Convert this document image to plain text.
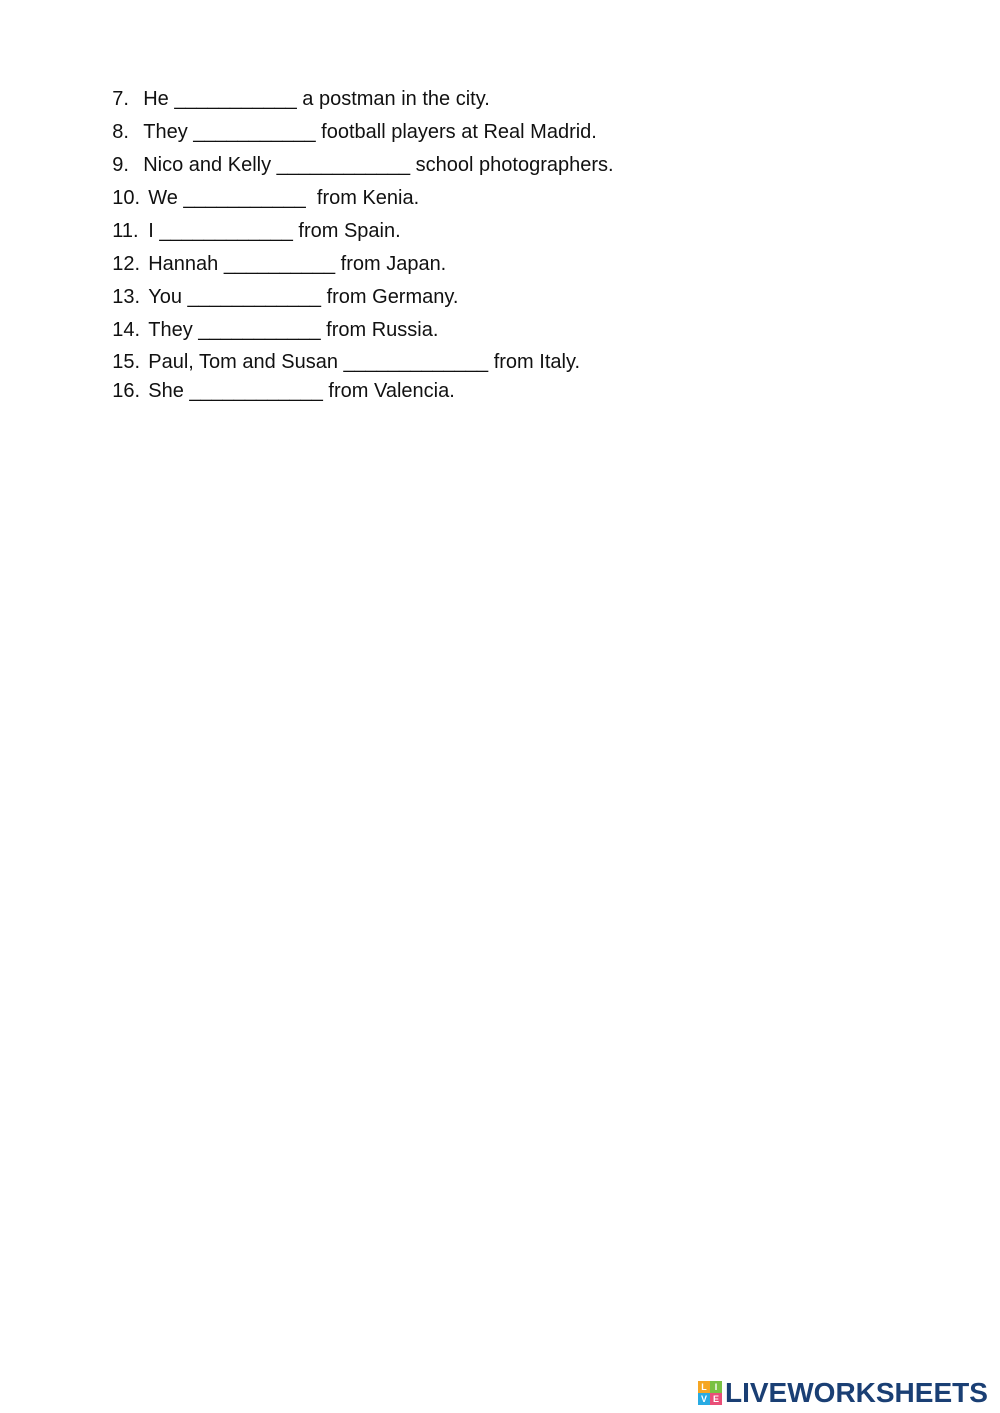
7. He ___________ a postman in the city.

8. They ___________ football players at Real Madrid.

9. Nico and Kelly ____________ school photographers.

10. We ___________  from Kenia.

11. I ____________ from Spain.

12. Hannah __________ from Japan.

13. You ____________ from Germany.

14. They ___________ from Russia.

15. Paul, Tom and Susan _____________ from Italy.

16. She ____________ from Valencia.

L I
V E LIVEWORKSHEETS
